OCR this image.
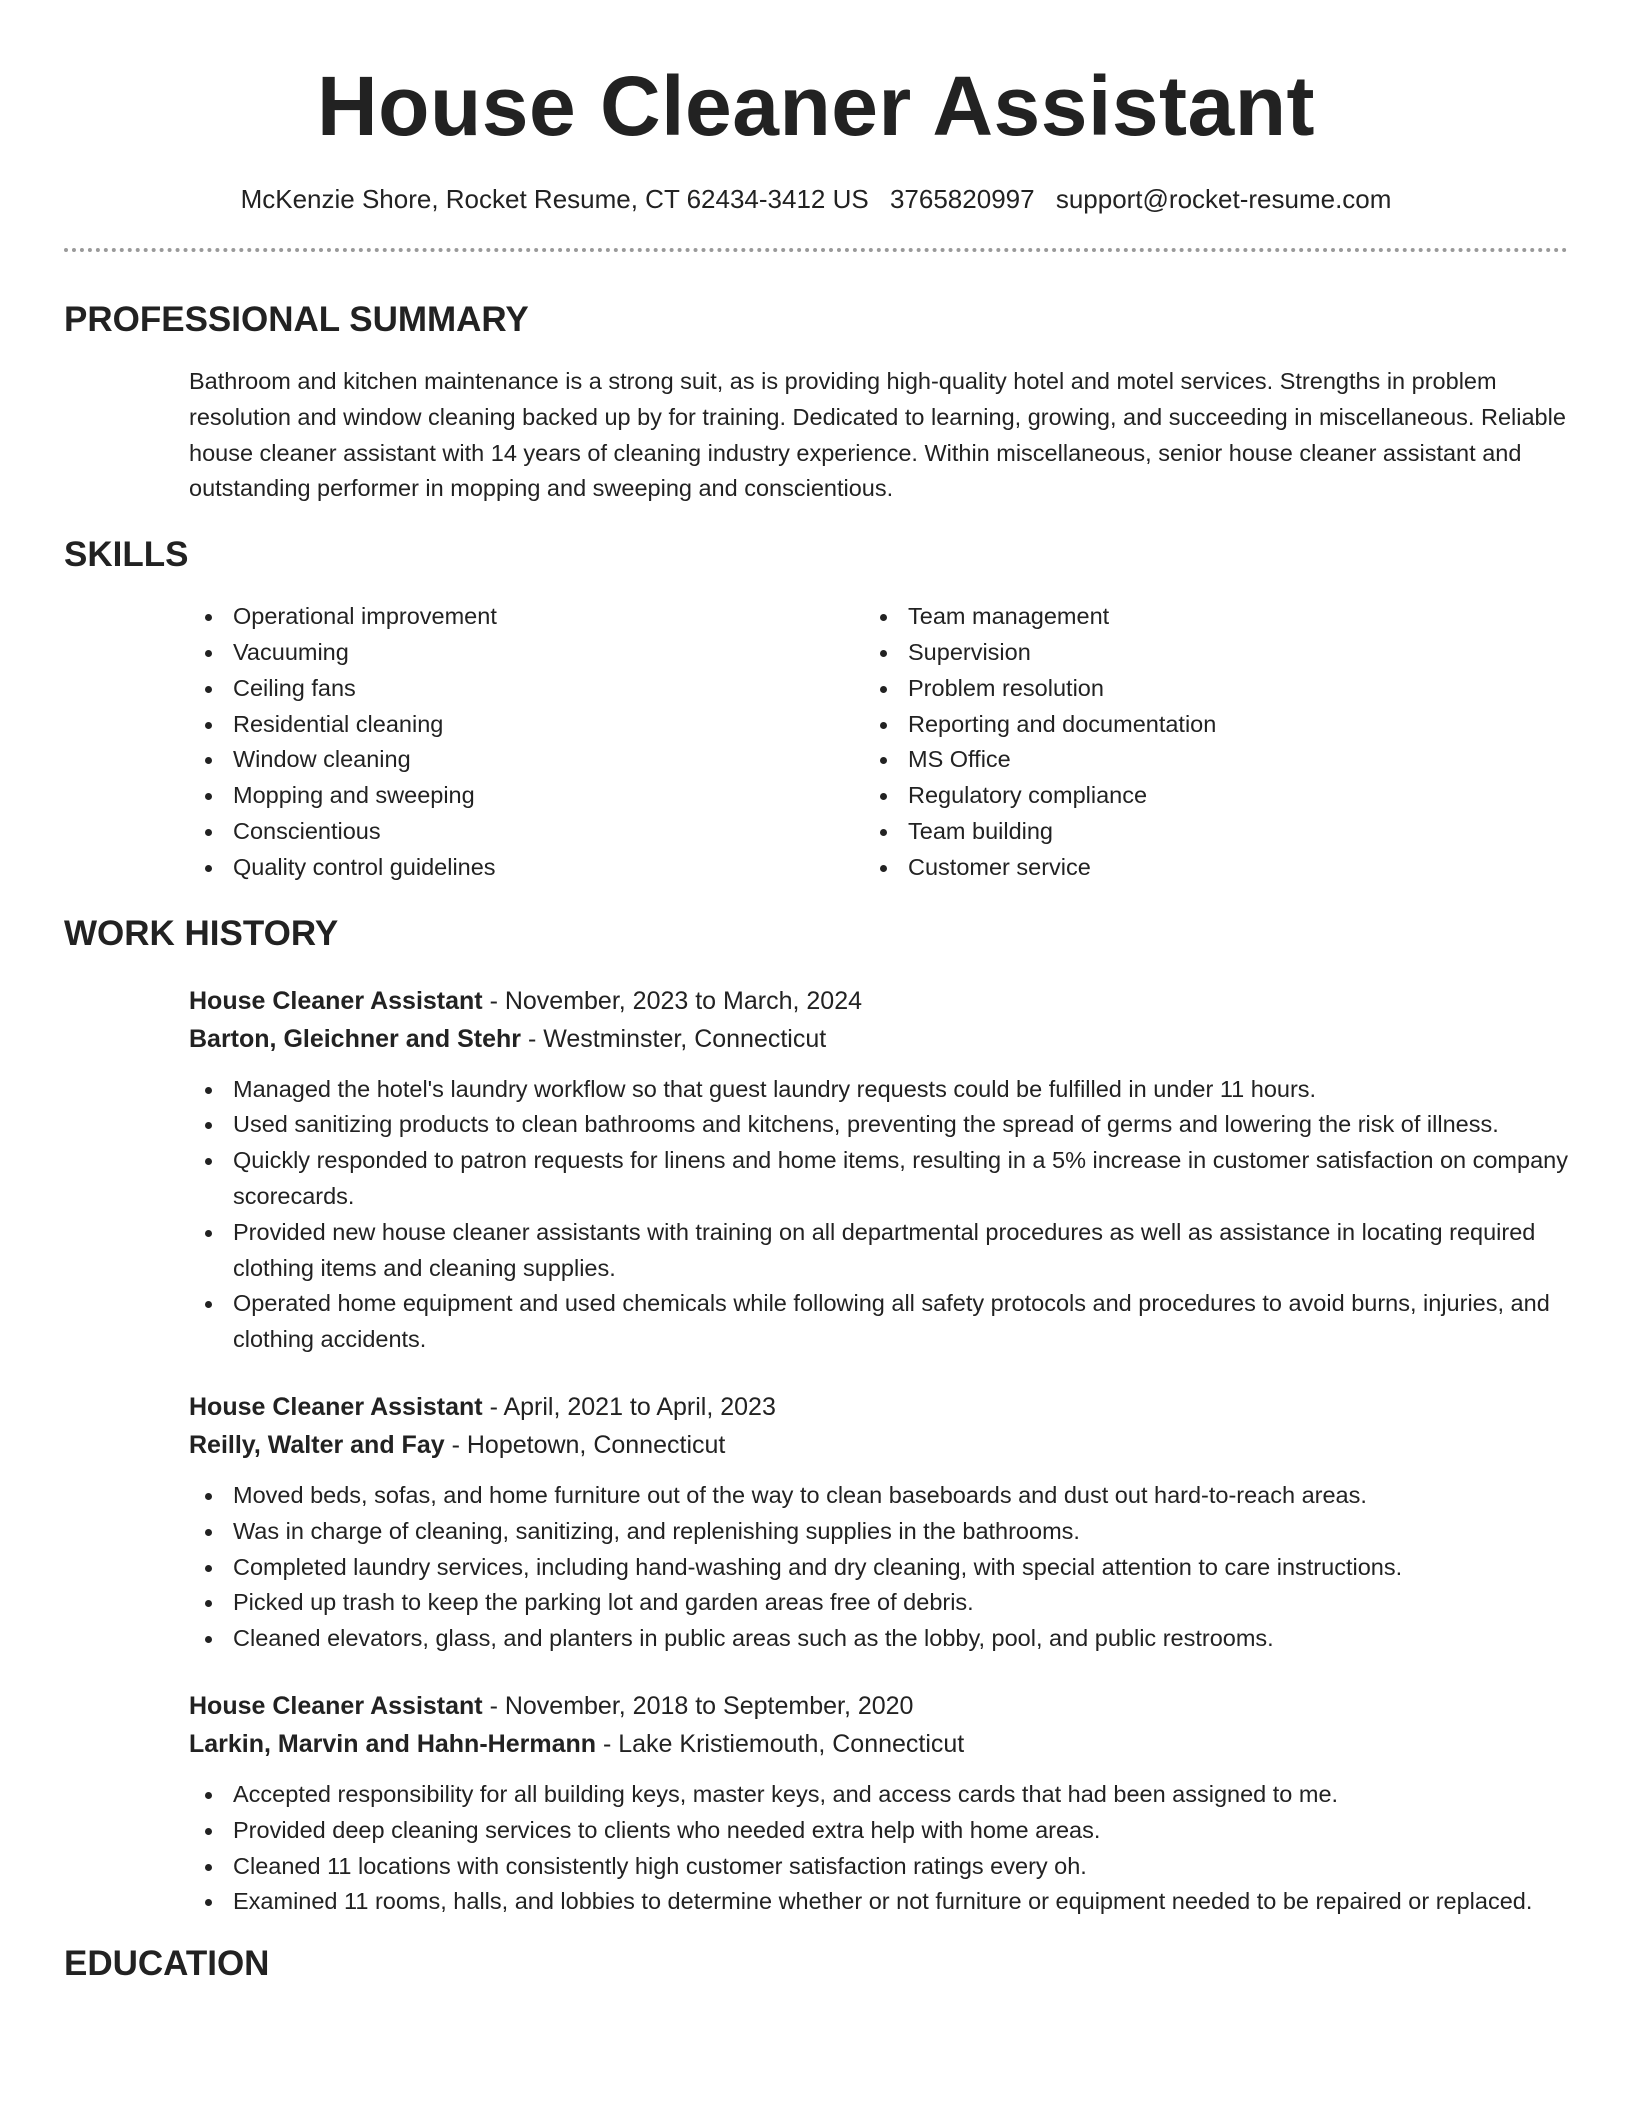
House Cleaner Assistant
McKenzie Shore, Rocket Resume, CT 62434-3412 US 3765820997 support@rocket-resume.com
PROFESSIONAL SUMMARY
Bathroom and kitchen maintenance is a strong suit, as is providing high-quality hotel and motel services. Strengths in problem resolution and window cleaning backed up by for training. Dedicated to learning, growing, and succeeding in miscellaneous. Reliable house cleaner assistant with 14 years of cleaning industry experience. Within miscellaneous, senior house cleaner assistant and outstanding performer in mopping and sweeping and conscientious.
SKILLS
Operational improvement
Vacuuming
Ceiling fans
Residential cleaning
Window cleaning
Mopping and sweeping
Conscientious
Quality control guidelines
Team management
Supervision
Problem resolution
Reporting and documentation
MS Office
Regulatory compliance
Team building
Customer service
WORK HISTORY
House Cleaner Assistant - November, 2023 to March, 2024
Barton, Gleichner and Stehr - Westminster, Connecticut
Managed the hotel's laundry workflow so that guest laundry requests could be fulfilled in under 11 hours.
Used sanitizing products to clean bathrooms and kitchens, preventing the spread of germs and lowering the risk of illness.
Quickly responded to patron requests for linens and home items, resulting in a 5% increase in customer satisfaction on company scorecards.
Provided new house cleaner assistants with training on all departmental procedures as well as assistance in locating required clothing items and cleaning supplies.
Operated home equipment and used chemicals while following all safety protocols and procedures to avoid burns, injuries, and clothing accidents.
House Cleaner Assistant - April, 2021 to April, 2023
Reilly, Walter and Fay - Hopetown, Connecticut
Moved beds, sofas, and home furniture out of the way to clean baseboards and dust out hard-to-reach areas.
Was in charge of cleaning, sanitizing, and replenishing supplies in the bathrooms.
Completed laundry services, including hand-washing and dry cleaning, with special attention to care instructions.
Picked up trash to keep the parking lot and garden areas free of debris.
Cleaned elevators, glass, and planters in public areas such as the lobby, pool, and public restrooms.
House Cleaner Assistant - November, 2018 to September, 2020
Larkin, Marvin and Hahn-Hermann - Lake Kristiemouth, Connecticut
Accepted responsibility for all building keys, master keys, and access cards that had been assigned to me.
Provided deep cleaning services to clients who needed extra help with home areas.
Cleaned 11 locations with consistently high customer satisfaction ratings every oh.
Examined 11 rooms, halls, and lobbies to determine whether or not furniture or equipment needed to be repaired or replaced.
EDUCATION
